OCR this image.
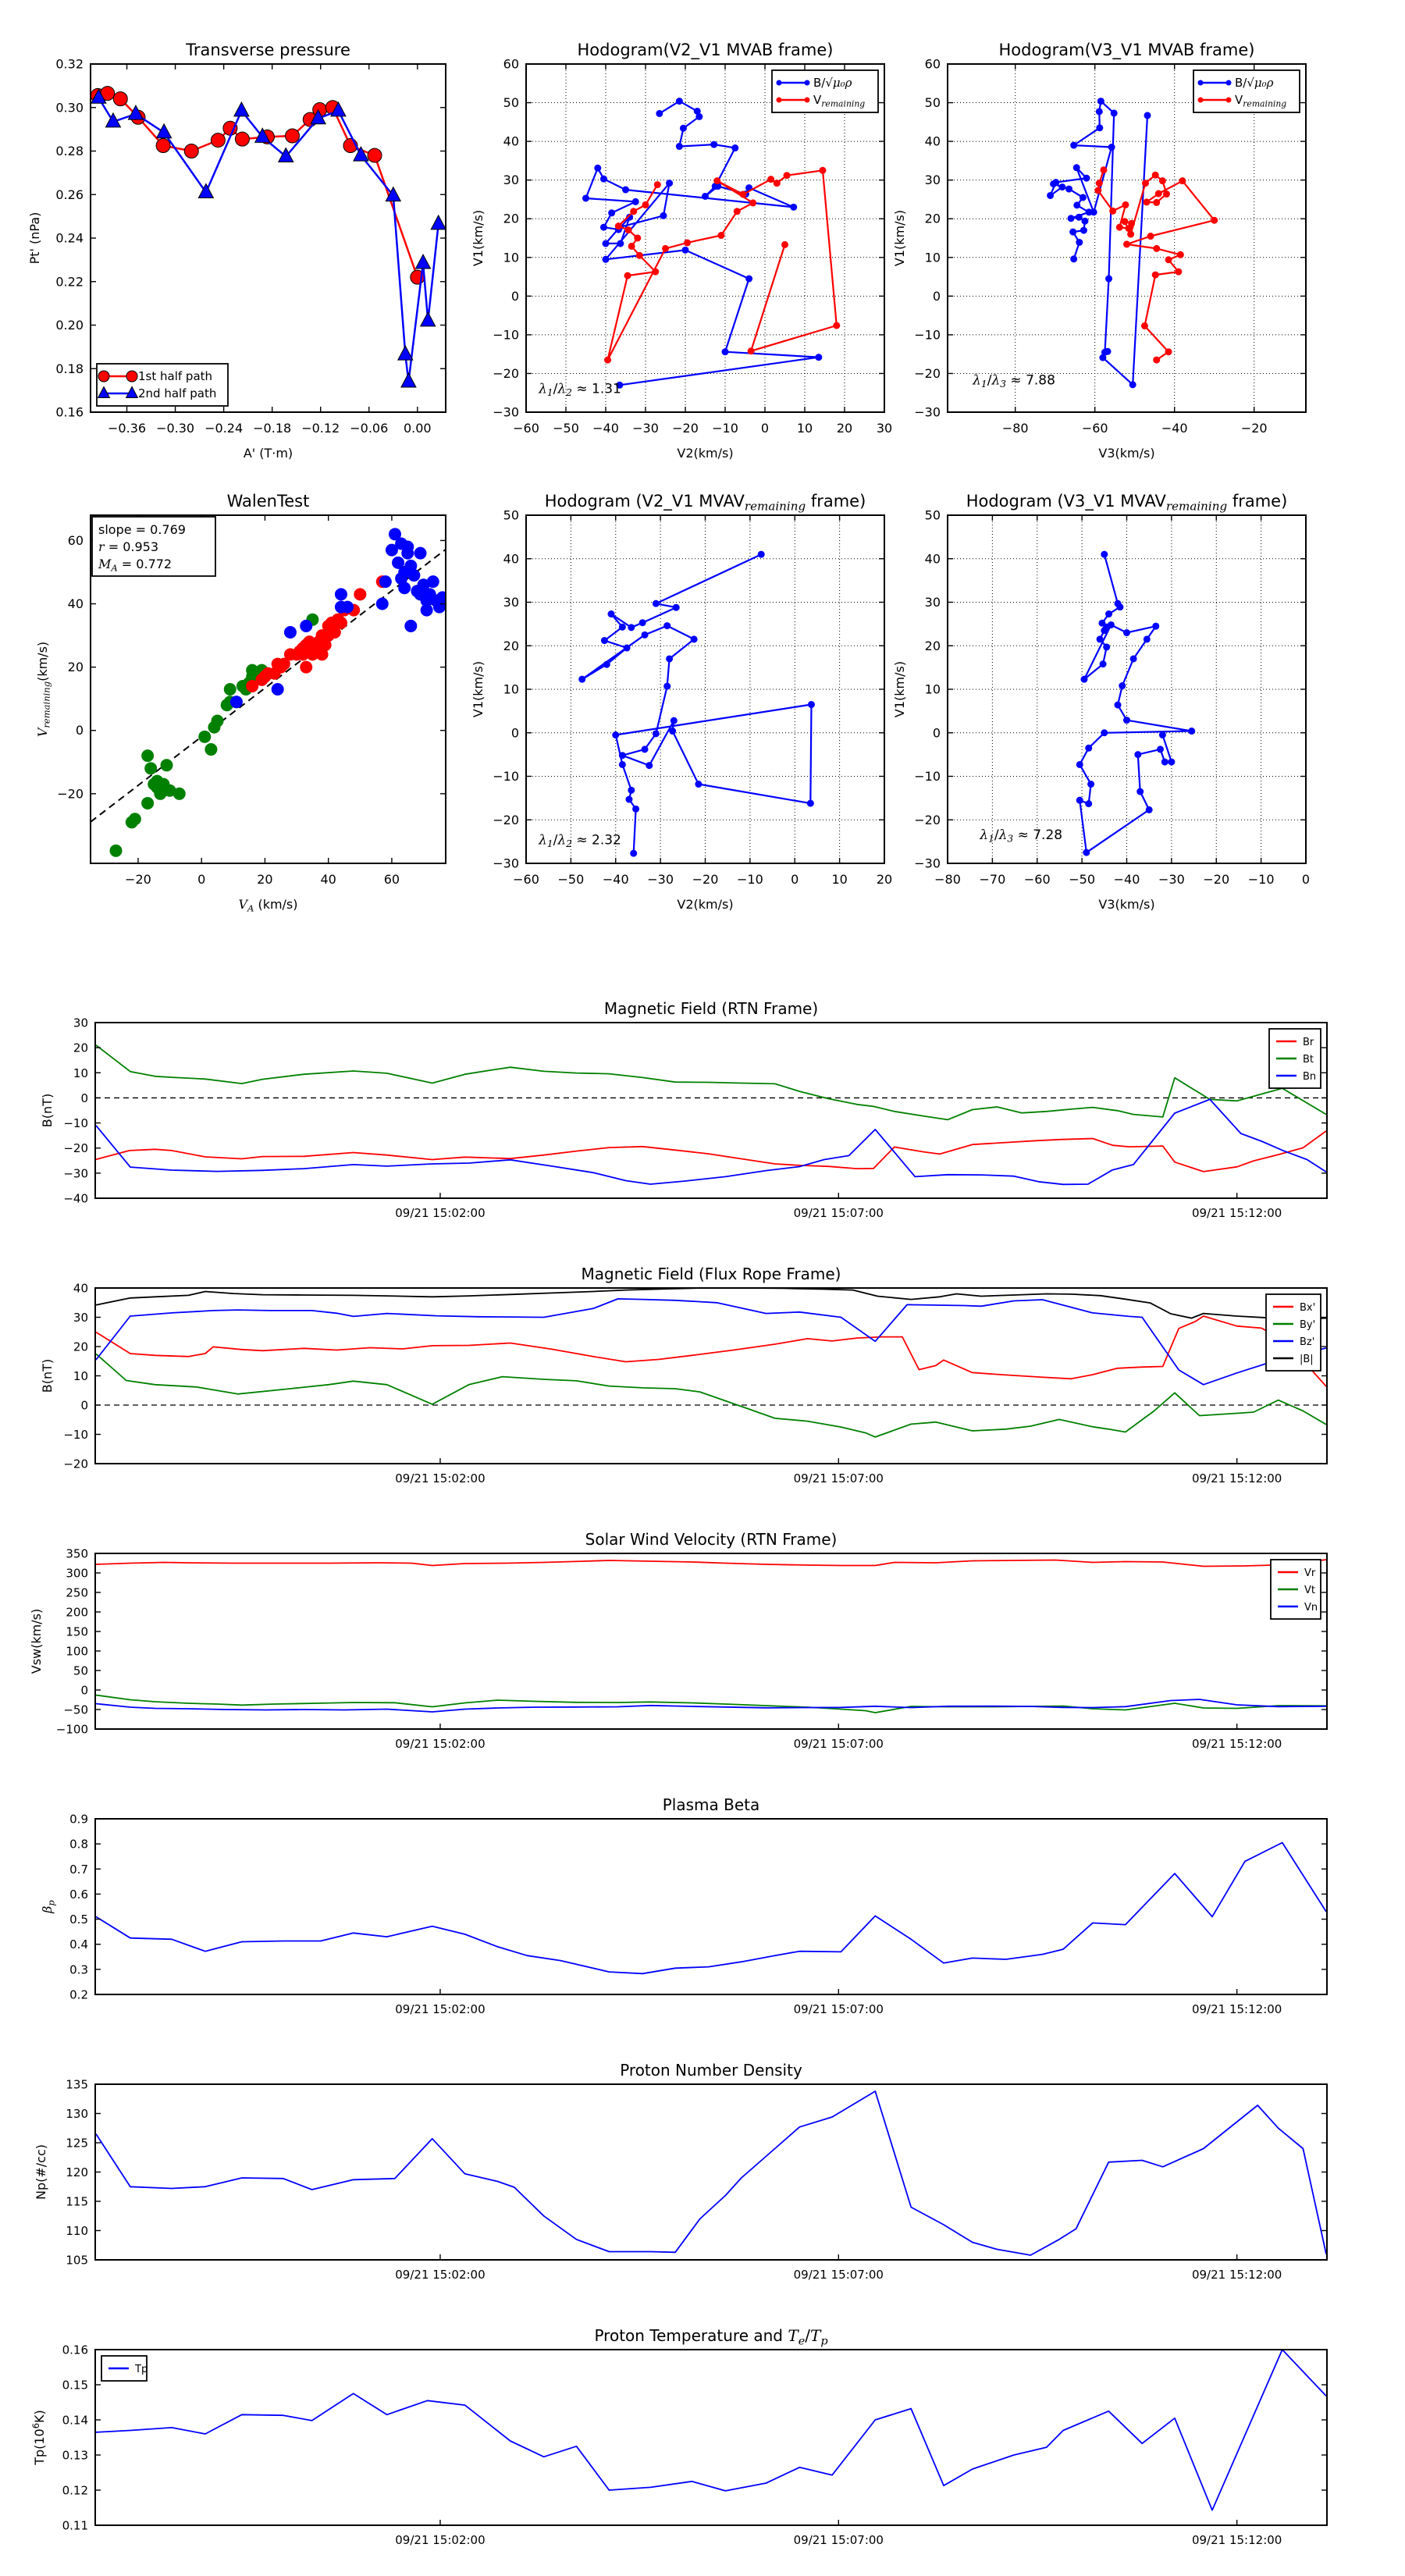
−0.36 −0.30 −0.24 −0.18 −0.12 −0.06 0.00
0.16
0.18
0.20
0.22
0.24
0.26
0.28
0.30
0.32
Transverse pressure
A' (T·m)
Pt' (nPa)
1st half path
2nd half path
−60 −50 −40 −30 −20 −10 0 10 20 30
−30
−20
−10
0
10
20
30
40
50
60
Hodogram(V2_V1 MVAB frame)
V2(km/s)
V1(km/s)
$\lambda_1/\lambda_2 \approx 1.31$
B/√μ₀ρ
$V_{remaining}$
−80	−60	−40	−20
−30
−20
−10
0
10
20
30
40
50
60
Hodogram(V3_V1 MVAB frame)
V3(km/s)
V1(km/s)
$\lambda_1/\lambda_3 \approx 7.88$
B/√μ₀ρ
$V_{remaining}$
−20	0	20	40	60
−20
0
20
40
60
WalenTest
$V_A$ (km/s)
$V_{remaining}(km/s)$
slope = 0.769
r = 0.953
$M_A = 0.772$
−60 −50 −40 −30 −20 −10 0	10 20
−30
−20
−10
0
10
20
30
40
50
Hodogram (V2_V1 $MVAV_{remaining}$ frame)
V2(km/s)
V1(km/s)
$\lambda_1/\lambda_2 \approx 2.32$
−80 −70 −60 −50 −40 −30 −20 −10 0
−30
−20
−10
0
10
20
30
40
50
Hodogram (V3_V1 $MVAV_{remaining}$ frame)
V3(km/s)
V1(km/s)
$\lambda_1/\lambda_3 \approx 7.28$
09/21 15:02:00	09/21 15:07:00	09/21 15:12:00
−40
−30
−20
−10
0
10
20
30
Magnetic Field (RTN Frame)
B(nT)
Br
Bt
Bn
09/21 15:02:00	09/21 15:07:00	09/21 15:12:00
−20
−10
0
10
20
30
40
Magnetic Field (Flux Rope Frame)
B(nT)
Bx'
By'
Bz'
|B|
09/21 15:02:00	09/21 15:07:00	09/21 15:12:00
−100
−50
0
50
100
150
200
250
300
350
Solar Wind Velocity (RTN Frame)
Vsw(km/s)
Vr
Vt
Vn
09/21 15:02:00	09/21 15:07:00	09/21 15:12:00
0.2
0.3
0.4
0.5
0.6
0.7
0.8
0.9
Plasma Beta
$\beta_p$
09/21 15:02:00	09/21 15:07:00	09/21 15:12:00
105
110
115
120
125
130
135
Proton Number Density
Np(#/cc)
09/21 15:02:00	09/21 15:07:00	09/21 15:12:00
0.11
0.12
0.13
0.14
0.15
0.16
Proton Temperature and $T_e/T_p$
$Tp(10^6K)$
Tp
